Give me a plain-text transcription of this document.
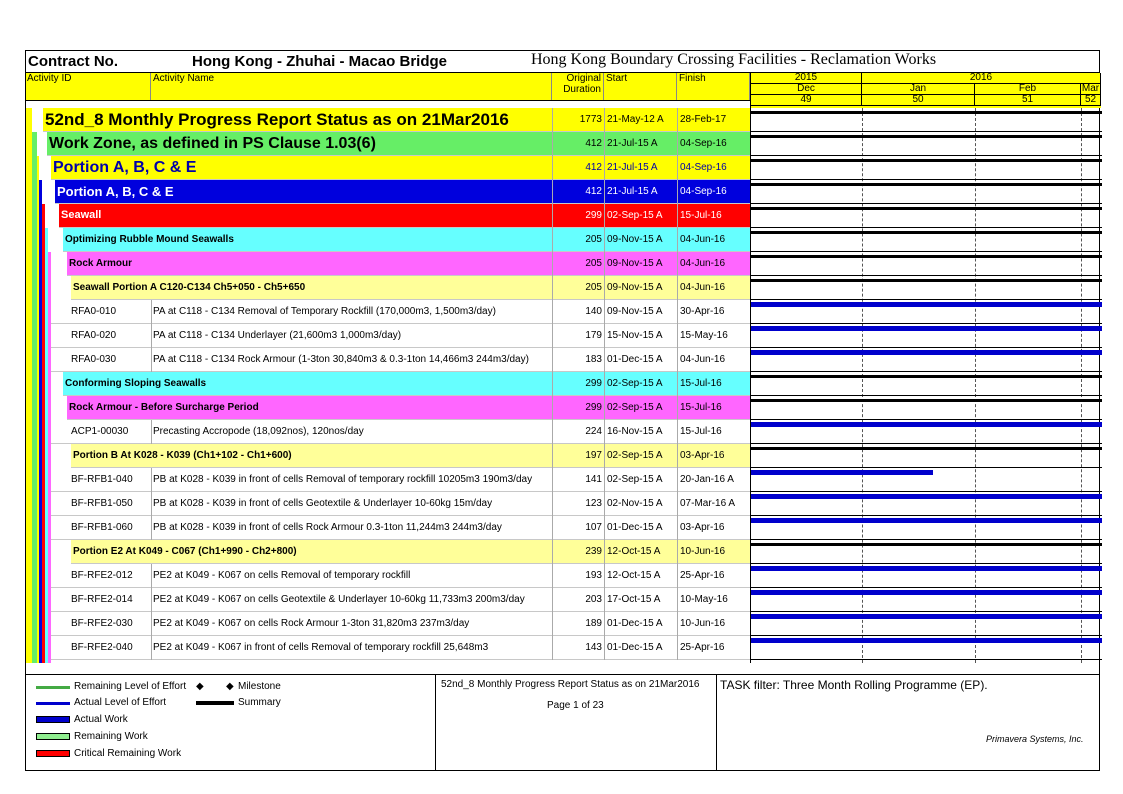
Contract No.	Hong Kong - Zhuhai - Macao Bridge	Hong Kong Boundary Crossing Facilities - Reclamation Works
Activity ID	Activity Name	Original
Duration
Start	Finish	2015	2016
Dec	Jan	Feb	Mar
49	50	51	52
52nd_8 Monthly Progress Report Status as on 21Mar2016	1773 21-May-12 A 28-Feb-17
Work Zone, as defined in PS Clause 1.03(6)	412 21-Jul-15 A 04-Sep-16
Portion A, B, C & E	412 21-Jul-15 A 04-Sep-16
Portion A, B, C & E	412 21-Jul-15 A 04-Sep-16
Seawall	299 02-Sep-15 A 15-Jul-16
Optimizing Rubble Mound Seawalls	205 09-Nov-15 A 04-Jun-16
Rock Armour	205 09-Nov-15 A 04-Jun-16
Seawall Portion A C120-C134 Ch5+050 - Ch5+650	205 09-Nov-15 A 04-Jun-16
RFA0-010	PA at C118 - C134 Removal of Temporary Rockfill (170,000m3, 1,500m3/day)	140 09-Nov-15 A 30-Apr-16
RFA0-020	PA at C118 - C134 Underlayer (21,600m3 1,000m3/day)	179 15-Nov-15 A 15-May-16
RFA0-030	PA at C118 - C134 Rock Armour (1-3ton 30,840m3 & 0.3-1ton 14,466m3 244m3/day)	183 01-Dec-15 A 04-Jun-16
Conforming Sloping Seawalls	299 02-Sep-15 A 15-Jul-16
Rock Armour - Before Surcharge Period	299 02-Sep-15 A 15-Jul-16
ACP1-00030 Precasting Accropode (18,092nos), 120nos/day	224 16-Nov-15 A 15-Jul-16
Portion B At K028 - K039 (Ch1+102 - Ch1+600)	197 02-Sep-15 A 03-Apr-16
BF-RFB1-040 PB at K028 - K039 in front of cells Removal of temporary rockfill 10205m3 190m3/day	141 02-Sep-15 A 20-Jan-16 A
BF-RFB1-050 PB at K028 - K039 in front of cells Geotextile & Underlayer 10-60kg 15m/day	123 02-Nov-15 A 07-Mar-16 A
BF-RFB1-060 PB at K028 - K039 in front of cells Rock Armour 0.3-1ton 11,244m3 244m3/day	107 01-Dec-15 A 03-Apr-16
Portion E2 At K049 - C067 (Ch1+990 - Ch2+800)	239 12-Oct-15 A 10-Jun-16
BF-RFE2-012 PE2 at K049 - K067 on cells Removal of temporary rockfill	193 12-Oct-15 A 25-Apr-16
BF-RFE2-014 PE2 at K049 - K067 on cells Geotextile & Underlayer 10-60kg 11,733m3 200m3/day	203 17-Oct-15 A 10-May-16
BF-RFE2-030 PE2 at K049 - K067 on cells Rock Armour 1-3ton 31,820m3 237m3/day	189 01-Dec-15 A 10-Jun-16
BF-RFE2-040 PE2 at K049 - K067 in front of cells Removal of temporary rockfill 25,648m3	143 01-Dec-15 A 25-Apr-16
Remaining Level of Effort ◆ ◆ Milestone
Actual Level of Effort	Summary
Actual Work
Remaining Work
Critical Remaining Work
52nd_8 Monthly Progress Report Status as on 21Mar2016
Page 1 of 23
TASK filter: Three Month Rolling Programme (EP).
Primavera Systems, Inc.
